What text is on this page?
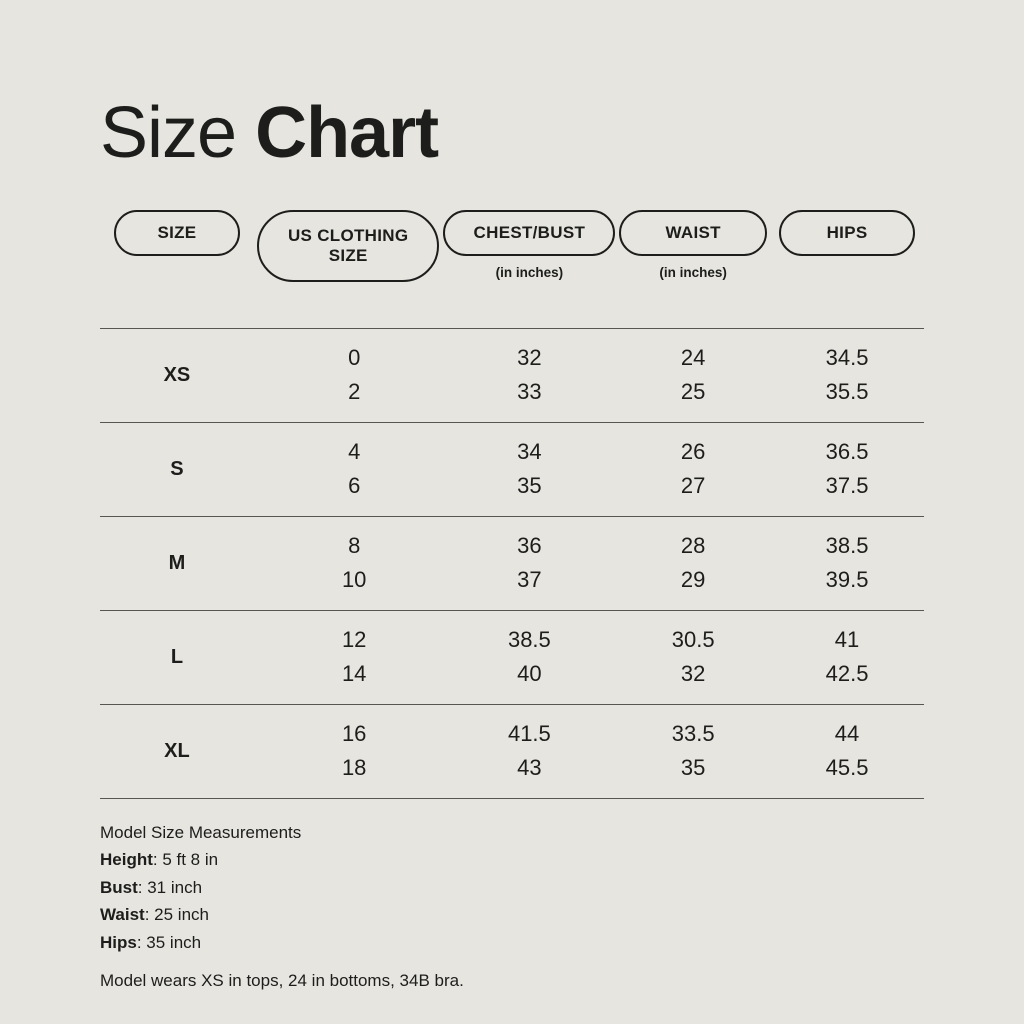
Size Chart
SIZE	US CLOTHING SIZE
CHEST/BUST
(in inches)
WAIST
(in inches)
HIPS
XS
0
2
32
33
24
25
34.5
35.5
S
4
6
34
35
26
27
36.5
37.5
M
8
10
36
37
28
29
38.5
39.5
L
12
14
38.5
40
30.5
32
41
42.5
XL
16
18
41.5
43
33.5
35
44
45.5
Model Size Measurements
Height: 5 ft 8 in
Bust: 31 inch
Waist: 25 inch
Hips: 35 inch
Model wears XS in tops, 24 in bottoms, 34B bra.
